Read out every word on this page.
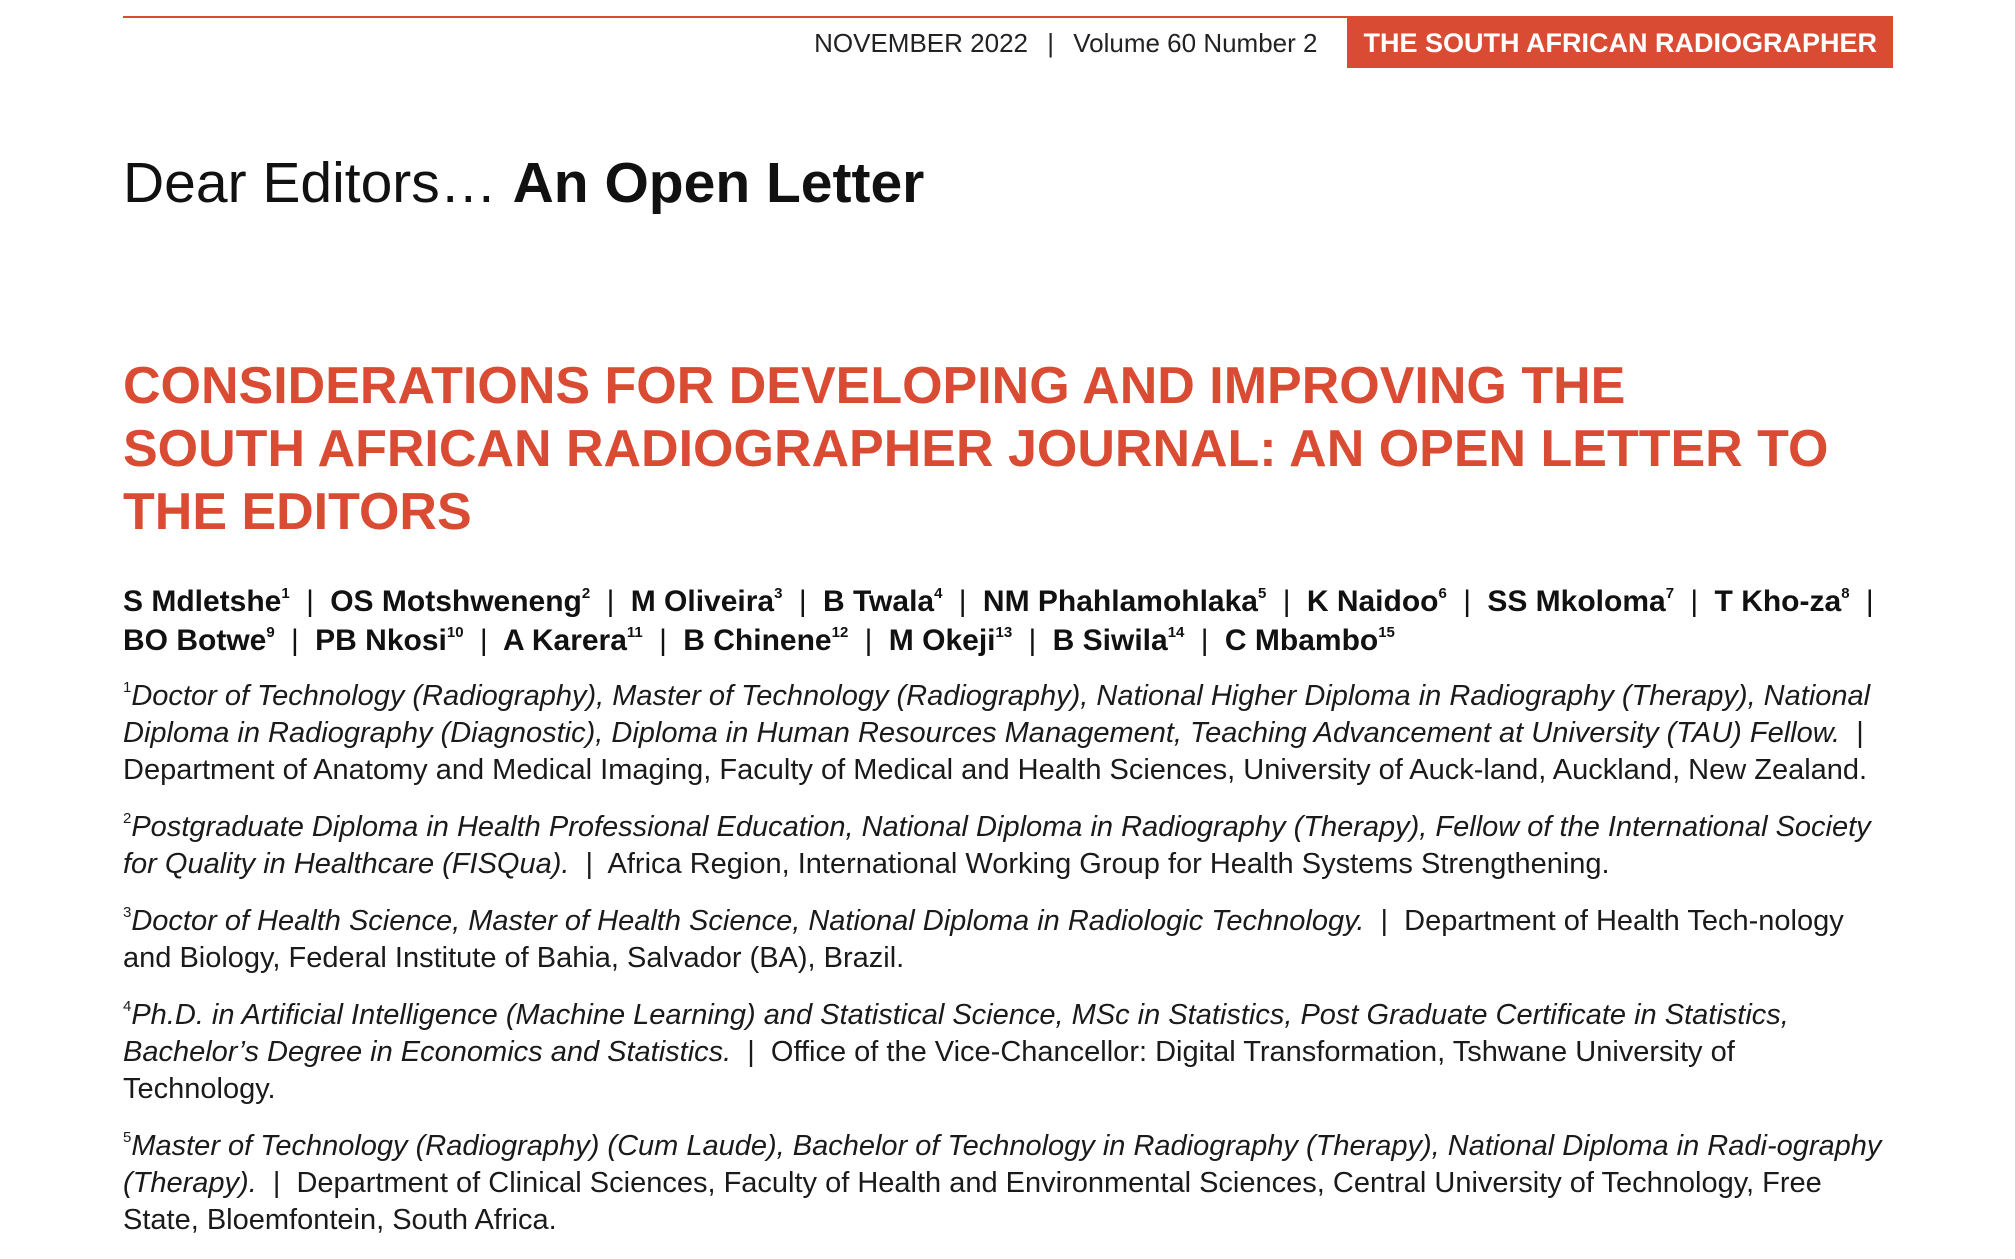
NOVEMBER 2022 | Volume 60 Number 2	THE SOUTH AFRICAN RADIOGRAPHER
Dear Editors… An Open Letter
CONSIDERATIONS FOR DEVELOPING AND IMPROVING THE
SOUTH AFRICAN RADIOGRAPHER JOURNAL: AN OPEN LETTER TO
THE EDITORS
S Mdletshe$^1$ | OS Motshweneng$^2$ | M Oliveira$^3$ | B Twala$^4$ | NM Phahlamohlaka$^5$ | K Naidoo$^6$ | SS Mkoloma$^7$ | T Kho-$za^8$ | BO Botwe$^9$ | PB Nkosi$^{10}$ | A Karera$^{11}$ | B Chinene$^{12}$ | M Okeji$^{13}$ | B Siwila$^{14}$ | C Mbambo$^{15}$

$^1$Doctor of Technology (Radiography), Master of Technology (Radiography), National Higher Diploma in Radiography (Therapy), National Diploma in Radiography (Diagnostic), Diploma in Human Resources Management, Teaching Advancement at University (TAU) Fellow. | Department of Anatomy and Medical Imaging, Faculty of Medical and Health Sciences, University of Auck-land, Auckland, New Zealand.

$^2$Postgraduate Diploma in Health Professional Education, National Diploma in Radiography (Therapy), Fellow of the International Society for Quality in Healthcare (FISQua). | Africa Region, International Working Group for Health Systems Strengthening.

$^3$Doctor of Health Science, Master of Health Science, National Diploma in Radiologic Technology. | Department of Health Tech-nology and Biology, Federal Institute of Bahia, Salvador (BA), Brazil.

$^4$Ph.D. in Artificial Intelligence (Machine Learning) and Statistical Science, MSc in Statistics, Post Graduate Certificate in Statistics, Bachelor’s Degree in Economics and Statistics. | Office of the Vice-Chancellor: Digital Transformation, Tshwane University of Technology.

$^5$Master of Technology (Radiography) (Cum Laude), Bachelor of Technology in Radiography (Therapy), National Diploma in Radi-ography (Therapy). | Department of Clinical Sciences, Faculty of Health and Environmental Sciences, Central University of Technology, Free State, Bloemfontein, South Africa.
